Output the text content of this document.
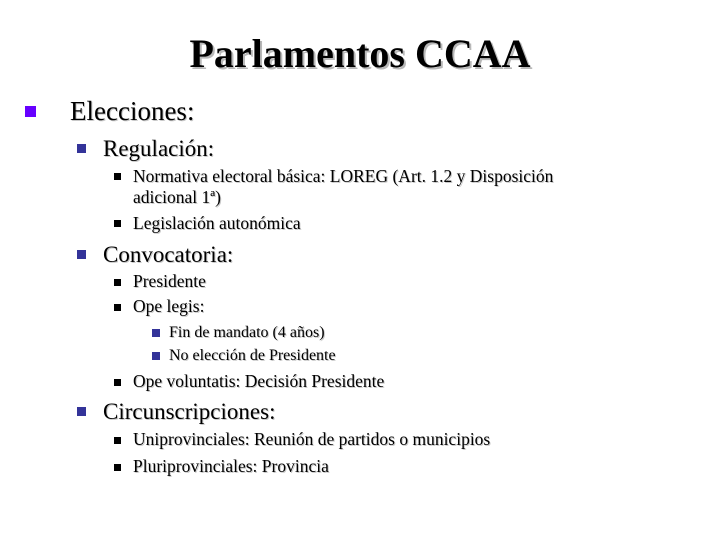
Parlamentos CCAA
Elecciones:
Regulación:
Normativa electoral básica: LOREG (Art. 1.2 y Disposición
adicional 1ª)
Legislación autonómica
Convocatoria:
Presidente
Ope legis:
Fin de mandato (4 años)
No elección de Presidente
Ope voluntatis: Decisión Presidente
Circunscripciones:
Uniprovinciales: Reunión de partidos o municipios
Pluriprovinciales: Provincia
